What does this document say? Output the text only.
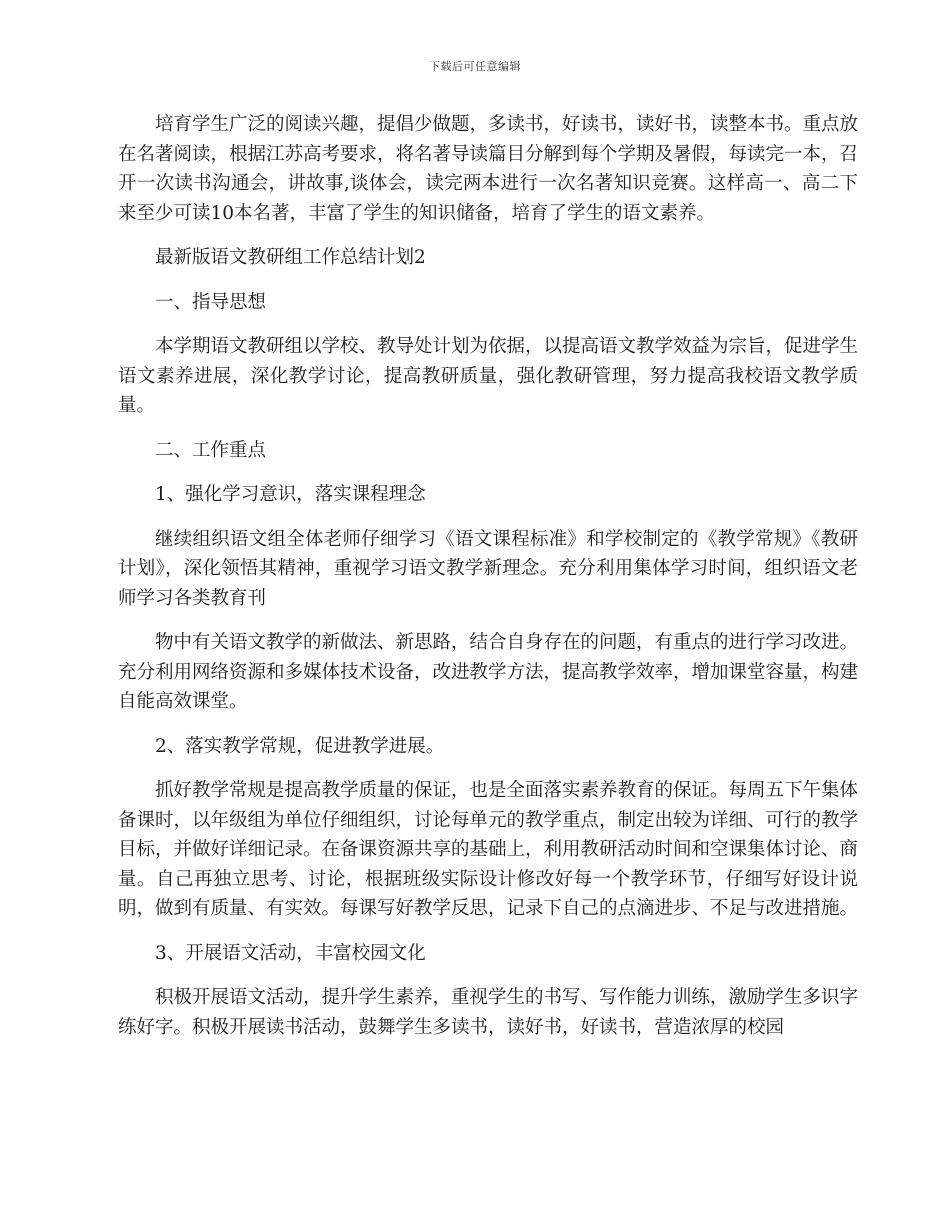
下载后可任意编辑

培育学生广泛的阅读兴趣，提倡少做题，多读书，好读书，读好书，读整本书。重点放在名著阅读，根据江苏高考要求，将名著导读篇目分解到每个学期及暑假，每读完一本，召开一次读书沟通会，讲故事,谈体会，读完两本进行一次名著知识竞赛。这样高一、高二下来至少可读10本名著，丰富了学生的知识储备，培育了学生的语文素养。

最新版语文教研组工作总结计划2

一、指导思想

本学期语文教研组以学校、教导处计划为依据，以提高语文教学效益为宗旨，促进学生语文素养进展，深化教学讨论，提高教研质量，强化教研管理，努力提高我校语文教学质量。

二、工作重点

1、强化学习意识，落实课程理念

继续组织语文组全体老师仔细学习《语文课程标准》和学校制定的《教学常规》《教研计划》，深化领悟其精神，重视学习语文教学新理念。充分利用集体学习时间，组织语文老师学习各类教育刊

物中有关语文教学的新做法、新思路，结合自身存在的问题，有重点的进行学习改进。充分利用网络资源和多媒体技术设备，改进教学方法，提高教学效率，增加课堂容量，构建自能高效课堂。

2、落实教学常规，促进教学进展。

抓好教学常规是提高教学质量的保证，也是全面落实素养教育的保证。每周五下午集体备课时，以年级组为单位仔细组织，讨论每单元的教学重点，制定出较为详细、可行的教学目标，并做好详细记录。在备课资源共享的基础上，利用教研活动时间和空课集体讨论、商量。自己再独立思考、讨论，根据班级实际设计修改好每一个教学环节，仔细写好设计说明，做到有质量、有实效。每课写好教学反思，记录下自己的点滴进步、不足与改进措施。

3、开展语文活动，丰富校园文化

积极开展语文活动，提升学生素养，重视学生的书写、写作能力训练，激励学生多识字练好字。积极开展读书活动，鼓舞学生多读书，读好书，好读书，营造浓厚的校园
